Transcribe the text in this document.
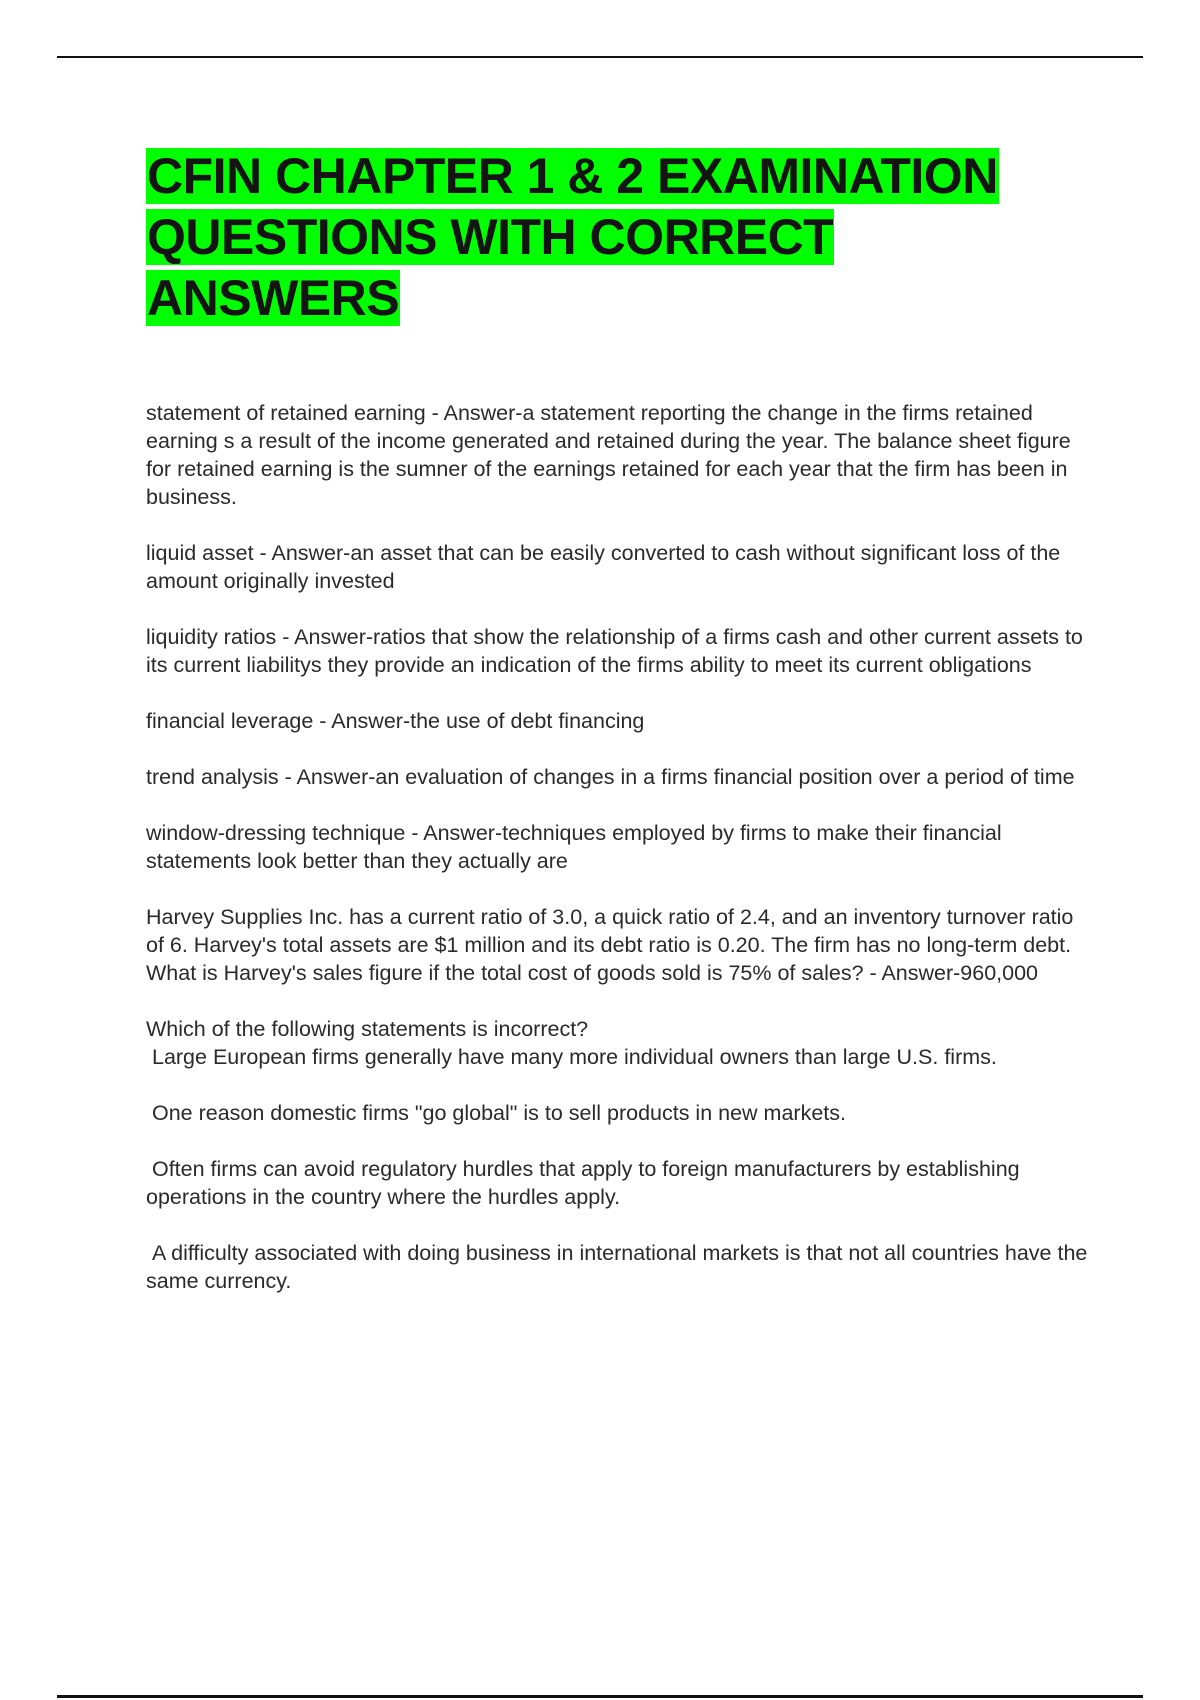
CFIN CHAPTER 1 & 2 EXAMINATION
QUESTIONS WITH CORRECT
ANSWERS

statement of retained earning - Answer-a statement reporting the change in the firms retained earning s a result of the income generated and retained during the year. The balance sheet figure for retained earning is the sumner of the earnings retained for each year that the firm has been in business.

liquid asset - Answer-an asset that can be easily converted to cash without significant loss of the amount originally invested

liquidity ratios - Answer-ratios that show the relationship of a firms cash and other current assets to its current liabilitys they provide an indication of the firms ability to meet its current obligations

financial leverage - Answer-the use of debt financing

trend analysis - Answer-an evaluation of changes in a firms financial position over a period of time

window-dressing technique - Answer-techniques employed by firms to make their financial statements look better than they actually are

Harvey Supplies Inc. has a current ratio of 3.0, a quick ratio of 2.4, and an inventory turnover ratio of 6. Harvey's total assets are $1 million and its debt ratio is 0.20. The firm has no long-term debt. What is Harvey's sales figure if the total cost of goods sold is 75% of sales? - Answer-960,000

Which of the following statements is incorrect?

Large European firms generally have many more individual owners than large U.S. firms.

One reason domestic firms "go global" is to sell products in new markets.

Often firms can avoid regulatory hurdles that apply to foreign manufacturers by establishing operations in the country where the hurdles apply.

A difficulty associated with doing business in international markets is that not all countries have the same currency.
